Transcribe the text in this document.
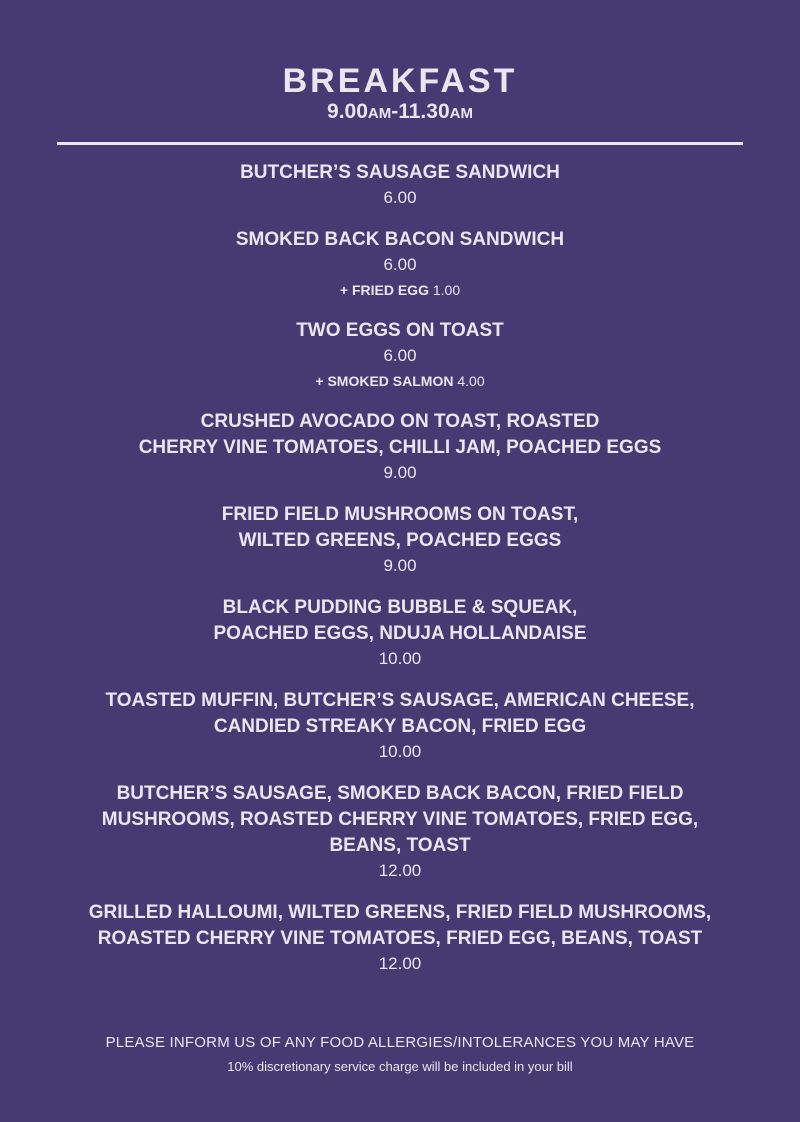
BREAKFAST
9.00AM-11.30AM
BUTCHER’S SAUSAGE SANDWICH
6.00
SMOKED BACK BACON SANDWICH
6.00
+ FRIED EGG 1.00
TWO EGGS ON TOAST
6.00
+ SMOKED SALMON 4.00
CRUSHED AVOCADO ON TOAST, ROASTED
CHERRY VINE TOMATOES, CHILLI JAM, POACHED EGGS
9.00
FRIED FIELD MUSHROOMS ON TOAST,
WILTED GREENS, POACHED EGGS
9.00
BLACK PUDDING BUBBLE & SQUEAK,
POACHED EGGS, NDUJA HOLLANDAISE
10.00
TOASTED MUFFIN, BUTCHER’S SAUSAGE, AMERICAN CHEESE,
CANDIED STREAKY BACON, FRIED EGG
10.00
BUTCHER’S SAUSAGE, SMOKED BACK BACON, FRIED FIELD
MUSHROOMS, ROASTED CHERRY VINE TOMATOES, FRIED EGG,
BEANS, TOAST
12.00
GRILLED HALLOUMI, WILTED GREENS, FRIED FIELD MUSHROOMS,
ROASTED CHERRY VINE TOMATOES, FRIED EGG, BEANS, TOAST
12.00
PLEASE INFORM US OF ANY FOOD ALLERGIES/INTOLERANCES YOU MAY HAVE
10% discretionary service charge will be included in your bill
